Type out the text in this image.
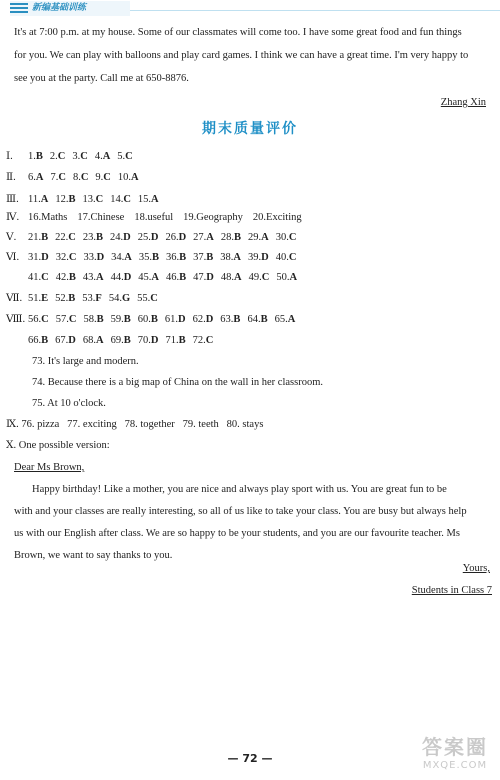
新编基础训练
It's at 7:00 p.m. at my house. Some of our classmates will come too. I have some great food and fun things
for you. We can play with balloons and play card games. I think we can have a great time. I'm very happy to
see you at the party. Call me at 650-8876.
Zhang Xin
期末质量评价
Ⅰ. 1.B 2.C 3.C 4.A 5.C
Ⅱ. 6.A 7.C 8.C 9.C 10.A
Ⅲ. 11.A 12.B 13.C 14.C 15.A
Ⅳ. 16.Maths 17.Chinese 18.useful 19.Geography 20.Exciting
Ⅴ. 21.B 22.C 23.B 24.D 25.D 26.D 27.A 28.B 29.A 30.C
Ⅵ. 31.D 32.C 33.D 34.A 35.B 36.B 37.B 38.A 39.D 40.C
41.C 42.B 43.A 44.D 45.A 46.B 47.D 48.A 49.C 50.A
Ⅶ. 51.E 52.B 53.F 54.G 55.C
Ⅷ. 56.C 57.C 58.B 59.B 60.B 61.D 62.D 63.B 64.B 65.A
66.B 67.D 68.A 69.B 70.D 71.B 72.C
73. It's large and modern.
74. Because there is a big map of China on the wall in her classroom.
75. At 10 o'clock.
Ⅸ. 76. pizza   77. exciting   78. together   79. teeth   80. stays
Ⅹ. One possible version:
Dear Ms Brown,
Happy birthday! Like a mother, you are nice and always play sport with us. You are great fun to be
with and your classes are really interesting, so all of us like to take your class. You are busy but always help
us with our English after class. We are so happy to be your students, and you are our favourite teacher. Ms
Brown, we want to say thanks to you.
Yours,
Students in Class 7
— 72 —	答案圈
MXQE.COM
